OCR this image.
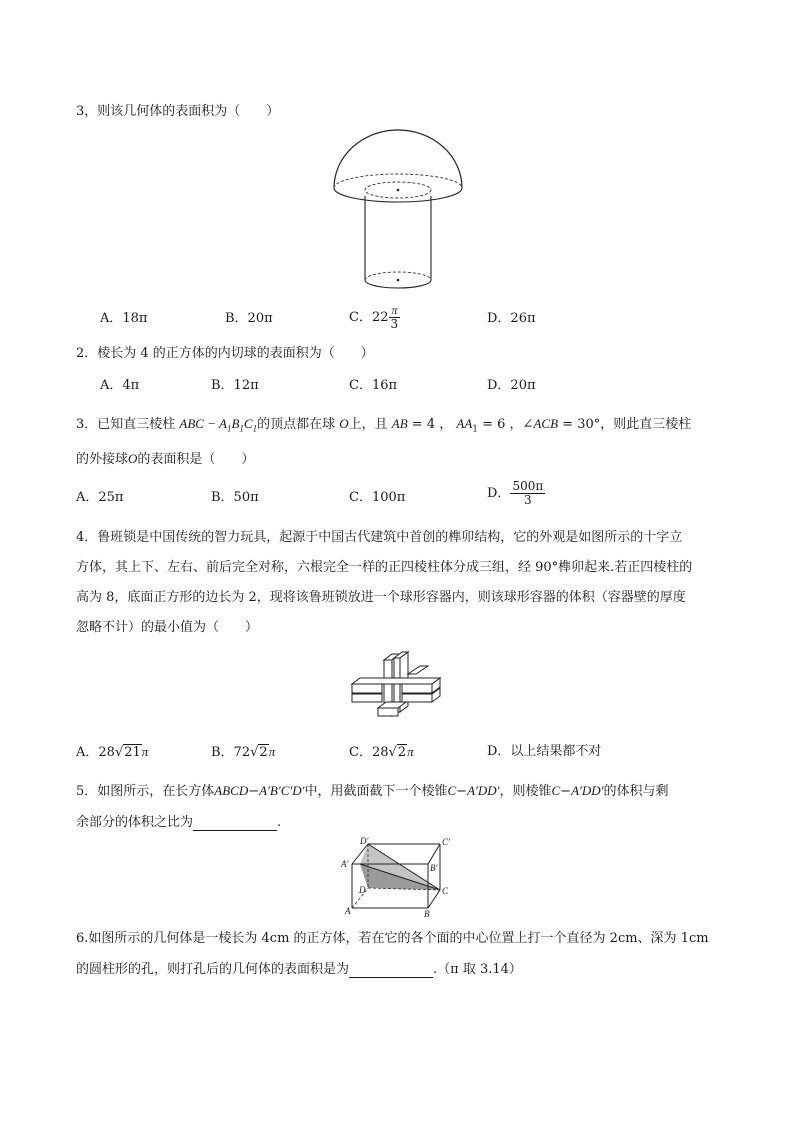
3，则该几何体的表面积为（　　）
A．18π	B．20π	C．$22 \frac{\pi}{3}$	D．26π
2．棱长为 4 的正方体的内切球的表面积为（　　）
A．4π	B．12π	C．16π	D．20π
3．已知直三棱柱 ABC − $A_1B_1C_1$的顶点都在球 O上，且 AB = 4 ， $AA_1 = 6$ ，∠ACB = 30°，则此直三棱柱
的外接球O的表面积是（　　）
A．25π	B．50π	C．100π	D． $\frac{500\pi}{3}$
4．鲁班锁是中国传统的智力玩具，起源于中国古代建筑中首创的榫卯结构，它的外观是如图所示的十字立
方体，其上下、左右、前后完全对称，六根完全一样的正四棱柱体分成三组，经 90°榫卯起来.若正四棱柱的
高为 8，底面正方形的边长为 2，现将该鲁班锁放进一个球形容器内，则该球形容器的体积（容器壁的厚度
忽略不计）的最小值为（　　）
A．28√21π	B．72√2π	C．28√2π	D．以上结果都不对
5．如图所示，在长方体ABCD−A′B′C′D′中，用截面截下一个棱锥C−A′DD′，则棱锥C−A′DD′的体积与剩
余部分的体积之比为	.
D′	C′
A′	B′
D	C
A	B
6.如图所示的几何体是一棱长为 4cm 的正方体，若在它的各个面的中心位置上打一个直径为 2cm、深为 1cm
的圆柱形的孔，则打孔后的几何体的表面积是为	.（π 取 3.14）
